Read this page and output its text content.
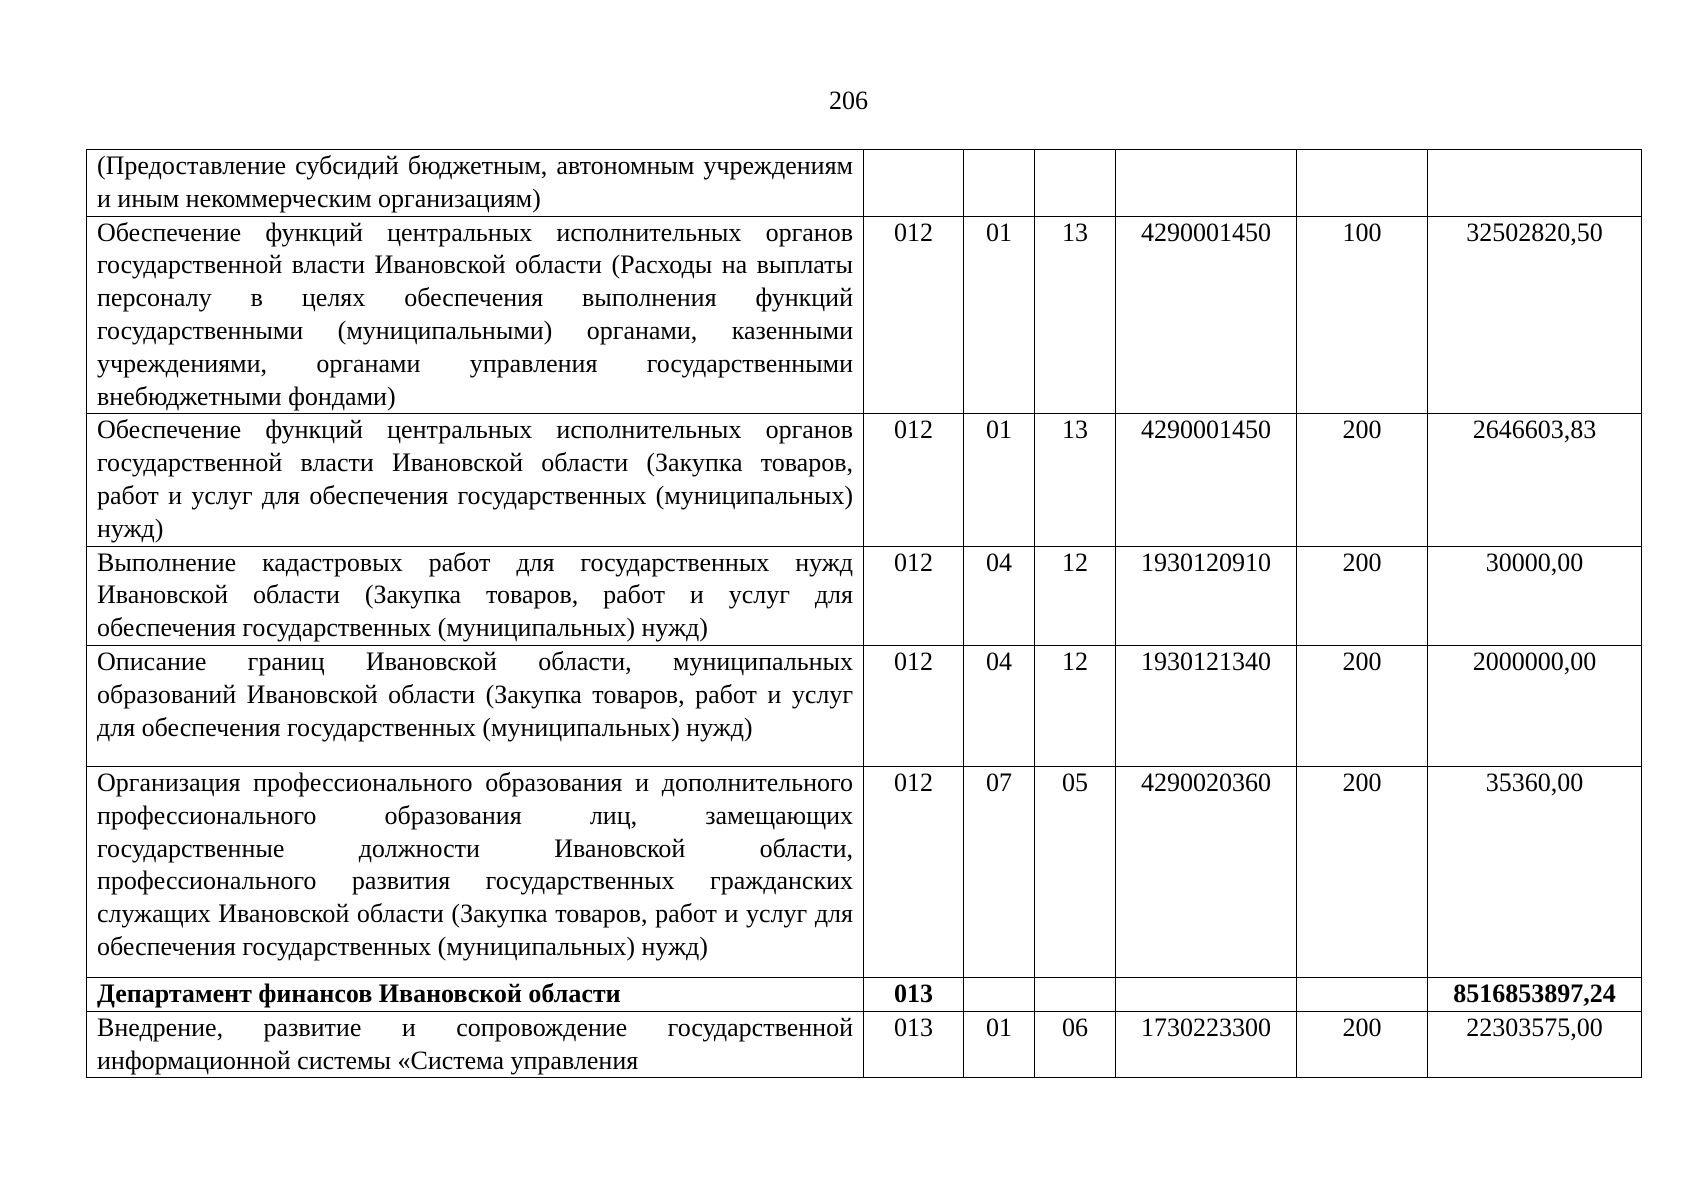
206
(Предоставление субсидий бюджетным, автономным учреждениям и иным некоммерческим организациям)						
Обеспечение функций центральных исполнительных органов государственной власти Ивановской области (Расходы на выплаты персоналу в целях обеспечения выполнения функций государственными (муниципальными) органами, казенными учреждениями, органами управления государственными внебюджетными фондами)	012	01	13	4290001450	100	32502820,50
Обеспечение функций центральных исполнительных органов государственной власти Ивановской области (Закупка товаров, работ и услуг для обеспечения государственных (муниципальных) нужд)	012	01	13	4290001450	200	2646603,83
Выполнение кадастровых работ для государственных нужд Ивановской области (Закупка товаров, работ и услуг для обеспечения государственных (муниципальных) нужд)	012	04	12	1930120910	200	30000,00
Описание границ Ивановской области, муниципальных образований Ивановской области (Закупка товаров, работ и услуг для обеспечения государственных (муниципальных) нужд)	012	04	12	1930121340	200	2000000,00
Организация профессионального образования и дополнительного профессионального образования лиц, замещающих государственные должности Ивановской области, профессионального развития государственных гражданских служащих Ивановской области (Закупка товаров, работ и услуг для обеспечения государственных (муниципальных) нужд)	012	07	05	4290020360	200	35360,00
Департамент финансов Ивановской области	013					8516853897,24
Внедрение, развитие и сопровождение государственной информационной системы «Система управления	013	01	06	1730223300	200	22303575,00
